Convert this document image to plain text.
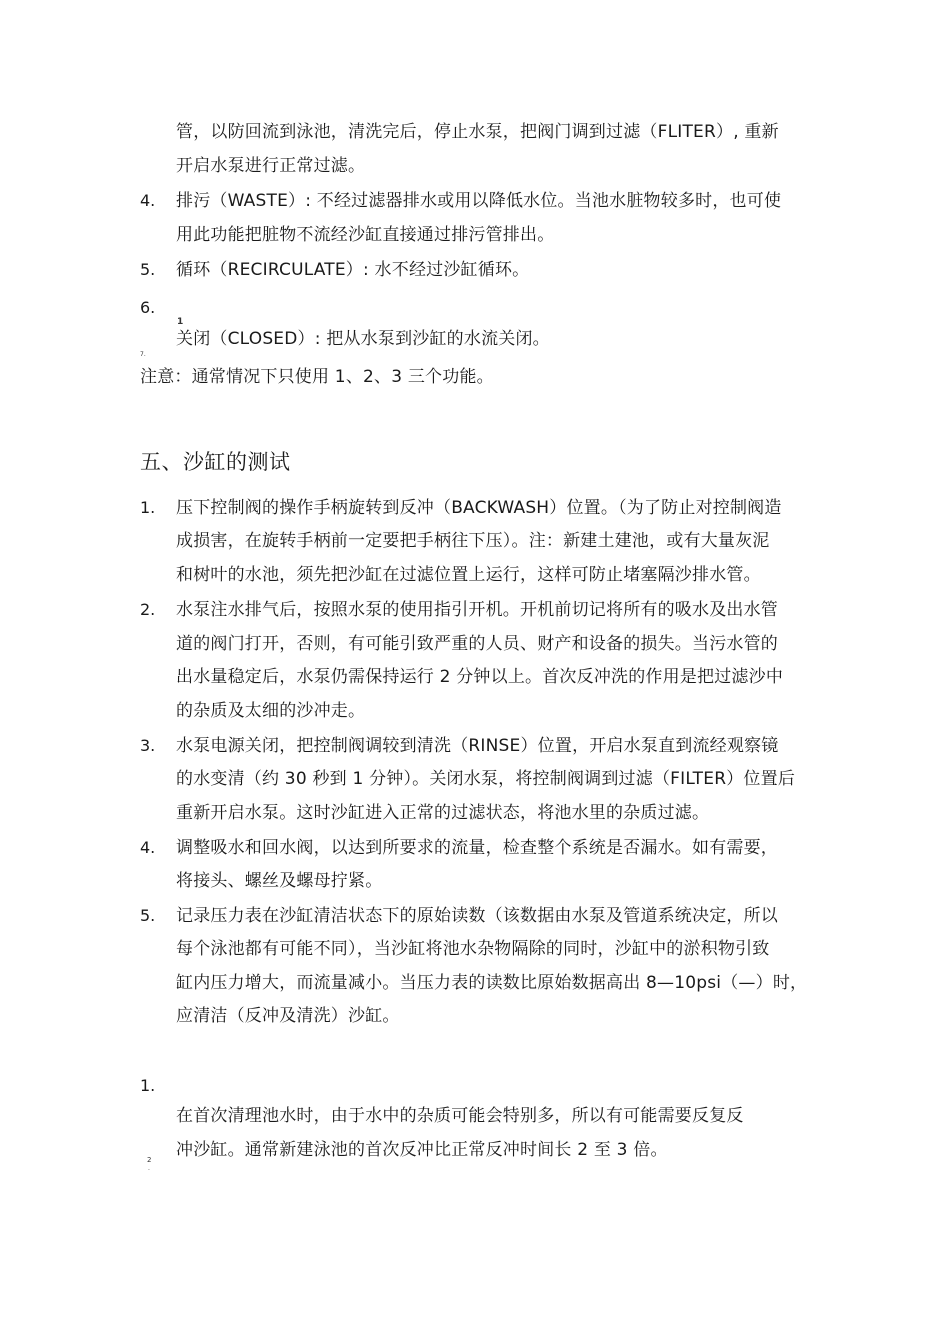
管，以防回流到泳池，清洗完后，停止水泵，把阀门调到过滤（FLITER）, 重新
开启水泵进行正常过滤。
4. 排污（WASTE）: 不经过滤器排水或用以降低水位。当池水脏物较多时，也可使
用此功能把脏物不流经沙缸直接通过排污管排出。
5. 循环（RECIRCULATE）: 水不经过沙缸循环。
6.
1
关闭（CLOSED）: 把从水泵到沙缸的水流关闭。
7.
注意：通常情况下只使用 1、2、3 三个功能。
五、沙缸的测试
1. 压下控制阀的操作手柄旋转到反冲（BACKWASH）位置。（为了防止对控制阀造
成损害，在旋转手柄前一定要把手柄往下压）。注：新建土建池，或有大量灰泥
和树叶的水池，须先把沙缸在过滤位置上运行，这样可防止堵塞隔沙排水管。
2. 水泵注水排气后，按照水泵的使用指引开机。开机前切记将所有的吸水及出水管
道的阀门打开，否则，有可能引致严重的人员、财产和设备的损失。当污水管的
出水量稳定后，水泵仍需保持运行 2 分钟以上。首次反冲洗的作用是把过滤沙中
的杂质及太细的沙冲走。
3. 水泵电源关闭，把控制阀调较到清洗（RINSE）位置，开启水泵直到流经观察镜
的水变清（约 30 秒到 1 分钟）。关闭水泵，将控制阀调到过滤（FILTER）位置后
重新开启水泵。这时沙缸进入正常的过滤状态，将池水里的杂质过滤。
4. 调整吸水和回水阀，以达到所要求的流量，检查整个系统是否漏水。如有需要，
将接头、螺丝及螺母拧紧。
5. 记录压力表在沙缸清洁状态下的原始读数（该数据由水泵及管道系统决定，所以
每个泳池都有可能不同），当沙缸将池水杂物隔除的同时，沙缸中的淤积物引致
缸内压力增大，而流量减小。当压力表的读数比原始数据高出 8—10psi（—）时，
应清洁（反冲及清洗）沙缸。
1.
在首次清理池水时，由于水中的杂质可能会特别多，所以有可能需要反复反
冲沙缸。通常新建泳池的首次反冲比正常反冲时间长 2 至 3 倍。
2
·
